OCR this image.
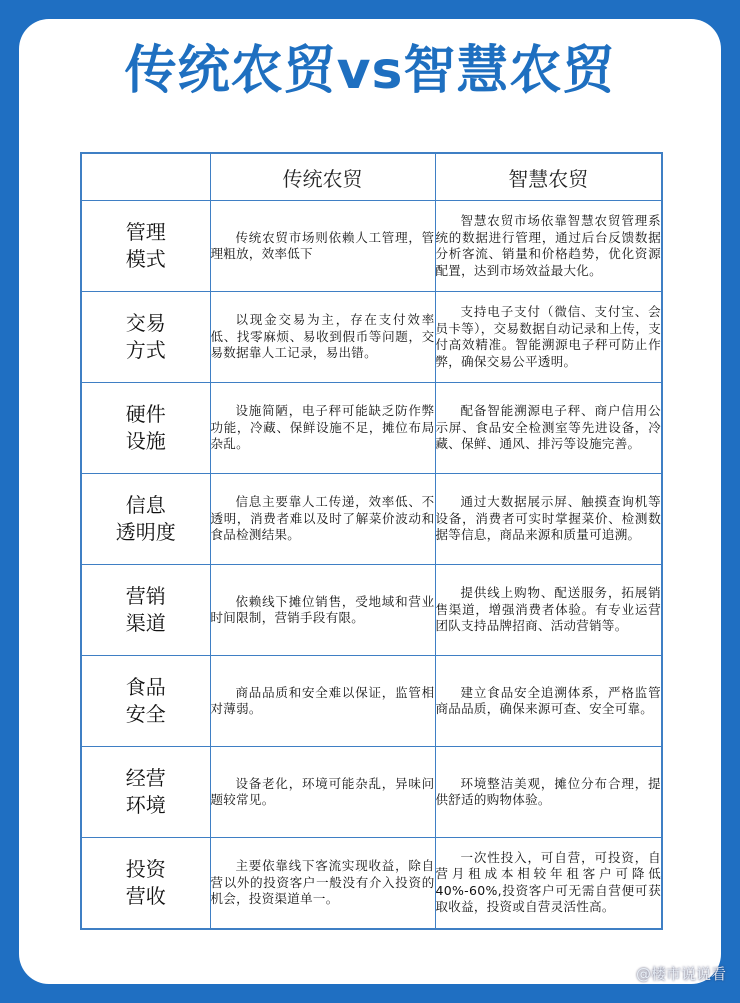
传统农贸vs智慧农贸
	传统农贸	智慧农贸

管理
模式	传统农贸市场则依赖人工管理，管理粗放，效率低下	智慧农贸市场依靠智慧农贸管理系统的数据进行管理，通过后台反馈数据分析客流、销量和价格趋势，优化资源配置，达到市场效益最大化。

交易
方式	以现金交易为主，存在支付效率低、找零麻烦、易收到假币等问题，交易数据靠人工记录，易出错。	支持电子支付（微信、支付宝、会员卡等），交易数据自动记录和上传，支付高效精准。智能溯源电子秤可防止作弊，确保交易公平透明。

硬件
设施	设施简陋，电子秤可能缺乏防作弊功能，冷藏、保鲜设施不足，摊位布局杂乱。	配备智能溯源电子秤、商户信用公示屏、食品安全检测室等先进设备，冷藏、保鲜、通风、排污等设施完善。

信息
透明度	信息主要靠人工传递，效率低、不透明，消费者难以及时了解菜价波动和食品检测结果。	通过大数据展示屏、触摸查询机等设备，消费者可实时掌握菜价、检测数据等信息，商品来源和质量可追溯。

营销
渠道	依赖线下摊位销售，受地域和营业时间限制，营销手段有限。	提供线上购物、配送服务，拓展销售渠道，增强消费者体验。有专业运营团队支持品牌招商、活动营销等。

食品
安全	商品品质和安全难以保证，监管相对薄弱。	建立食品安全追溯体系，严格监管商品品质，确保来源可查、安全可靠。

经营
环境	设备老化，环境可能杂乱，异味问题较常见。	环境整洁美观，摊位分布合理，提供舒适的购物体验。

投资
营收	主要依靠线下客流实现收益，除自营以外的投资客户一般没有介入投资的机会，投资渠道单一。	一次性投入，可自营，可投资，自营月租成本相较年租客户可降低40%-60%,投资客户可无需自营便可获取收益，投资或自营灵活性高。
@楼市说说看
